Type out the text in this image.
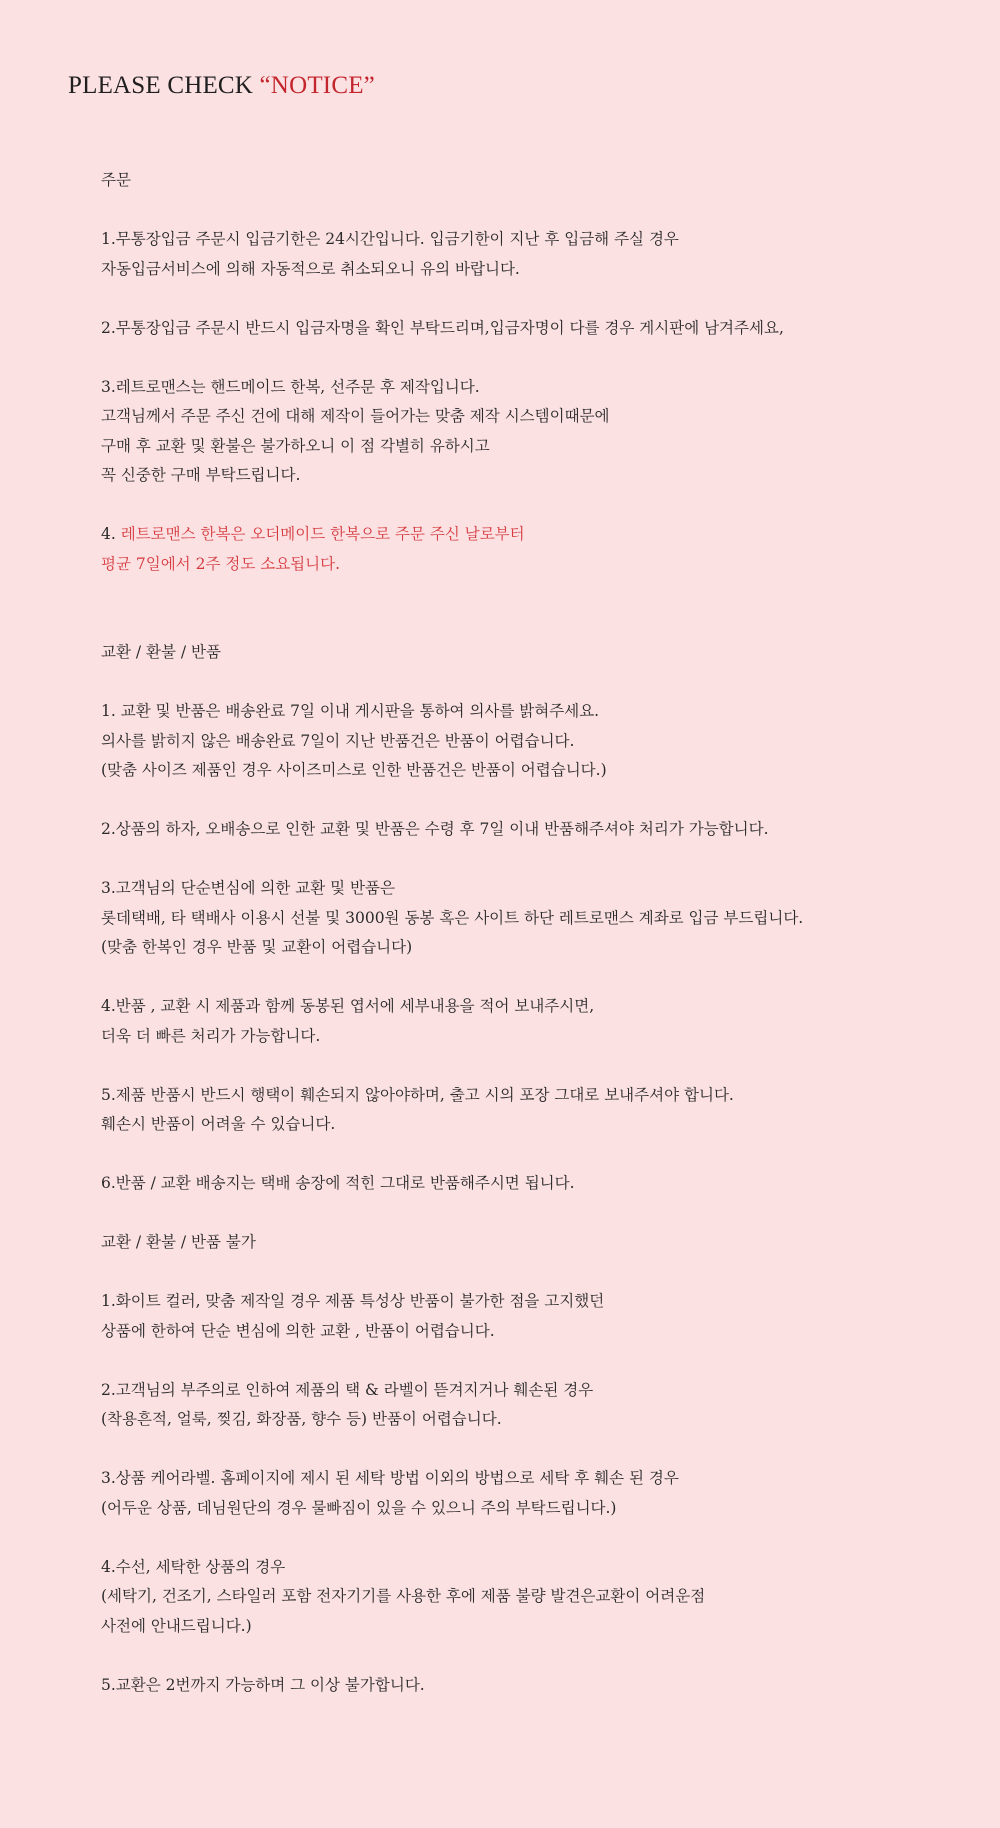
PLEASE CHECK “NOTICE”
주문
1.무통장입금 주문시 입금기한은 24시간입니다. 입금기한이 지난 후 입금해 주실 경우
자동입금서비스에 의해 자동적으로 취소되오니 유의 바랍니다.
2.무통장입금 주문시 반드시 입금자명을 확인 부탁드리며,입금자명이 다를 경우 게시판에 남겨주세요,
3.레트로맨스는 핸드메이드 한복, 선주문 후 제작입니다.
고객님께서 주문 주신 건에 대해 제작이 들어가는 맞춤 제작 시스템이때문에
구매 후 교환 및 환불은 불가하오니 이 점 각별히 유하시고
꼭 신중한 구매 부탁드립니다.
4. 레트로맨스 한복은 오더메이드 한복으로 주문 주신 날로부터
평균 7일에서 2주 정도 소요됩니다.
교환 / 환불 / 반품
1. 교환 및 반품은 배송완료 7일 이내 게시판을 통하여 의사를 밝혀주세요.
의사를 밝히지 않은 배송완료 7일이 지난 반품건은 반품이 어렵습니다.
(맞춤 사이즈 제품인 경우 사이즈미스로 인한 반품건은 반품이 어렵습니다.)
2.상품의 하자, 오배송으로 인한 교환 및 반품은 수령 후 7일 이내 반품해주셔야 처리가 가능합니다.
3.고객님의 단순변심에 의한 교환 및 반품은
롯데택배, 타 택배사 이용시 선불 및 3000원 동봉 혹은 사이트 하단 레트로맨스 계좌로 입금 부드립니다.
(맞춤 한복인 경우 반품 및 교환이 어렵습니다)
4.반품 , 교환 시 제품과 함께 동봉된 엽서에 세부내용을 적어 보내주시면,
더욱 더 빠른 처리가 가능합니다.
5.제품 반품시 반드시 행택이 훼손되지 않아야하며, 출고 시의 포장 그대로 보내주셔야 합니다.
훼손시 반품이 어려울 수 있습니다.
6.반품 / 교환 배송지는 택배 송장에 적힌 그대로 반품해주시면 됩니다.
교환 / 환불 / 반품 불가
1.화이트 컬러, 맞춤 제작일 경우 제품 특성상 반품이 불가한 점을 고지했던
상품에 한하여 단순 변심에 의한 교환 , 반품이 어렵습니다.
2.고객님의 부주의로 인하여 제품의 택 & 라벨이 뜯겨지거나 훼손된 경우
(착용흔적, 얼룩, 찢김, 화장품, 향수 등) 반품이 어렵습니다.
3.상품 케어라벨. 홈페이지에 제시 된 세탁 방법 이외의 방법으로 세탁 후 훼손 된 경우
(어두운 상품, 데님원단의 경우 물빠짐이 있을 수 있으니 주의 부탁드립니다.)
4.수선, 세탁한 상품의 경우
(세탁기, 건조기, 스타일러 포함 전자기기를 사용한 후에 제품 불량 발견은교환이 어려운점
사전에 안내드립니다.)
5.교환은 2번까지 가능하며 그 이상 불가합니다.
